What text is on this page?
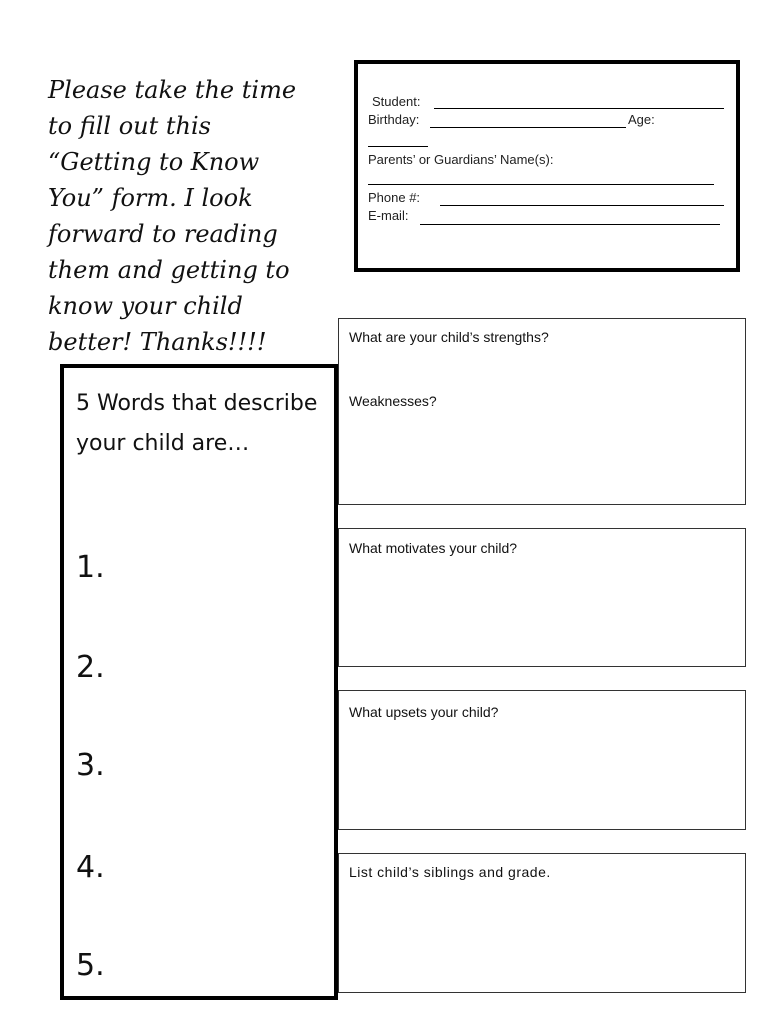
Please take the time
to fill out this
“Getting to Know
You” form. I look
forward to reading
them and getting to
know your child
better! Thanks!!!!
Student:
Birthday:	Age:
Parents’ or Guardians’ Name(s):
Phone #:
E-mail:
5 Words that describe your child are…
1.
2.
3.
4.
5.
What are your child’s strengths?
Weaknesses?
What motivates your child?
What upsets your child?
List child’s siblings and grade.
